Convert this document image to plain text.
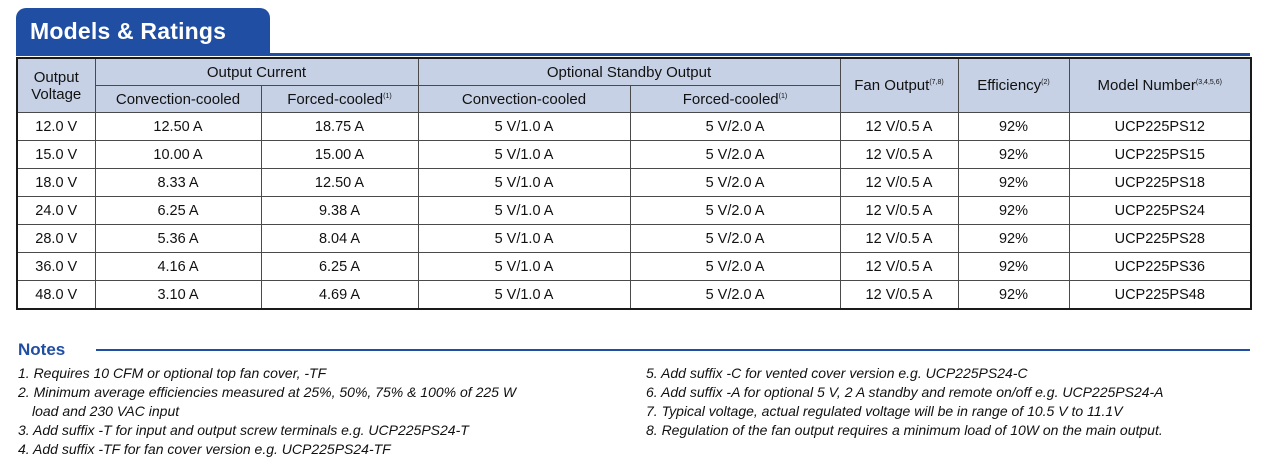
Models & Ratings
Output
Voltage	Output Current		Optional Standby Output		Fan Output$^{(7,8)}$	Efficiency$^{(2)}$	Model Number$^{(3,4,5,6)}$
	Convection-cooled	Forced-cooled$^{(1)}$	Convection-cooled	Forced-cooled$^{(1)}$
12.0 V	12.50 A	18.75 A	5 V/1.0 A	5 V/2.0 A	12 V/0.5 A	92%	UCP225PS12
15.0 V	10.00 A	15.00 A	5 V/1.0 A	5 V/2.0 A	12 V/0.5 A	92%	UCP225PS15
18.0 V	8.33 A	12.50 A	5 V/1.0 A	5 V/2.0 A	12 V/0.5 A	92%	UCP225PS18
24.0 V	6.25 A	9.38 A	5 V/1.0 A	5 V/2.0 A	12 V/0.5 A	92%	UCP225PS24
28.0 V	5.36 A	8.04 A	5 V/1.0 A	5 V/2.0 A	12 V/0.5 A	92%	UCP225PS28
36.0 V	4.16 A	6.25 A	5 V/1.0 A	5 V/2.0 A	12 V/0.5 A	92%	UCP225PS36
48.0 V	3.10 A	4.69 A	5 V/1.0 A	5 V/2.0 A	12 V/0.5 A	92%	UCP225PS48
Notes
1. Requires 10 CFM or optional top fan cover, -TF
2. Minimum average efficiencies measured at 25%, 50%, 75% & 100% of 225 W
load and 230 VAC input
3. Add suffix -T for input and output screw terminals e.g. UCP225PS24-T
4. Add suffix -TF for fan cover version e.g. UCP225PS24-TF
5. Add suffix -C for vented cover version e.g. UCP225PS24-C
6. Add suffix -A for optional 5 V, 2 A standby and remote on/off e.g. UCP225PS24-A
7. Typical voltage, actual regulated voltage will be in range of 10.5 V to 11.1V
8. Regulation of the fan output requires a minimum load of 10W on the main output.
